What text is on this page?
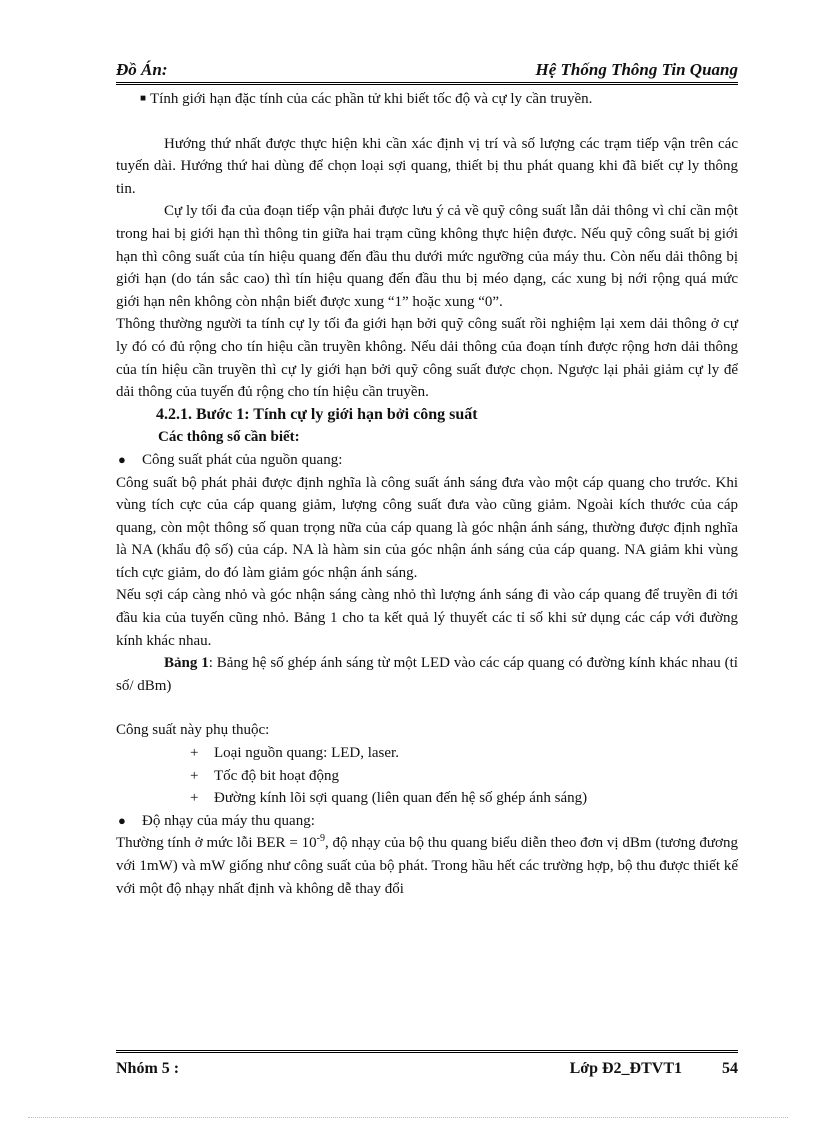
Đồ Án:	Hệ Thống Thông Tin Quang

■ Tính giới hạn đặc tính của các phần tử khi biết tốc độ và cự ly cần truyền.

Hướng thứ nhất được thực hiện khi cần xác định vị trí và số lượng các trạm tiếp vận trên các tuyến dài. Hướng thứ hai dùng để chọn loại sợi quang, thiết bị thu phát quang khi đã biết cự ly thông tin.

Cự ly tối đa của đoạn tiếp vận phải được lưu ý cả về quỹ công suất lẫn dải thông vì chỉ cần một trong hai bị giới hạn thì thông tin giữa hai trạm cũng không thực hiện được. Nếu quỹ công suất bị giới hạn thì công suất của tín hiệu quang đến đầu thu dưới mức ngưỡng của máy thu. Còn nếu dải thông bị giới hạn (do tán sắc cao) thì tín hiệu quang đến đầu thu bị méo dạng, các xung bị nới rộng quá mức giới hạn nên không còn nhận biết được xung “1” hoặc xung “0”.

Thông thường người ta tính cự ly tối đa giới hạn bởi quỹ công suất rồi nghiệm lại xem dải thông ở cự ly đó có đủ rộng cho tín hiệu cần truyền không. Nếu dải thông của đoạn tính được rộng hơn dải thông của tín hiệu cần truyền thì cự ly giới hạn bởi quỹ công suất được chọn. Ngược lại phải giảm cự ly để dải thông của tuyến đủ rộng cho tín hiệu cần truyền.

4.2.1. Bước 1: Tính cự ly giới hạn bởi công suất

Các thông số cần biết:

● Công suất phát của nguồn quang:

Công suất bộ phát phải được định nghĩa là công suất ánh sáng đưa vào một cáp quang cho trước. Khi vùng tích cực của cáp quang giảm, lượng công suất đưa vào cũng giảm. Ngoài kích thước của cáp quang, còn một thông số quan trọng nữa của cáp quang là góc nhận ánh sáng, thường được định nghĩa là NA (khẩu độ số) của cáp. NA là hàm sin của góc nhận ánh sáng của cáp quang. NA giảm khi vùng tích cực giảm, do đó làm giảm góc nhận ánh sáng.

Nếu sợi cáp càng nhỏ và góc nhận sáng càng nhỏ thì lượng ánh sáng đi vào cáp quang để truyền đi tới đầu kia của tuyến cũng nhỏ. Bảng 1 cho ta kết quả lý thuyết các tỉ số khi sử dụng các cáp với đường kính khác nhau.

Bảng 1: Bảng hệ số ghép ánh sáng từ một LED vào các cáp quang có đường kính khác nhau (tỉ số/ dBm)

Công suất này phụ thuộc:

+ Loại nguồn quang: LED, laser.

+ Tốc độ bit hoạt động

+ Đường kính lõi sợi quang (liên quan đến hệ số ghép ánh sáng)

● Độ nhạy của máy thu quang:

Thường tính ở mức lỗi BER = $10^{-9}$, độ nhạy của bộ thu quang biểu diễn theo đơn vị dBm (tương đương với 1mW) và mW giống như công suất của bộ phát. Trong hầu hết các trường hợp, bộ thu được thiết kế với một độ nhạy nhất định và không dễ thay đổi

Nhóm 5 :	Lớp Đ2_ĐTVT1	54
